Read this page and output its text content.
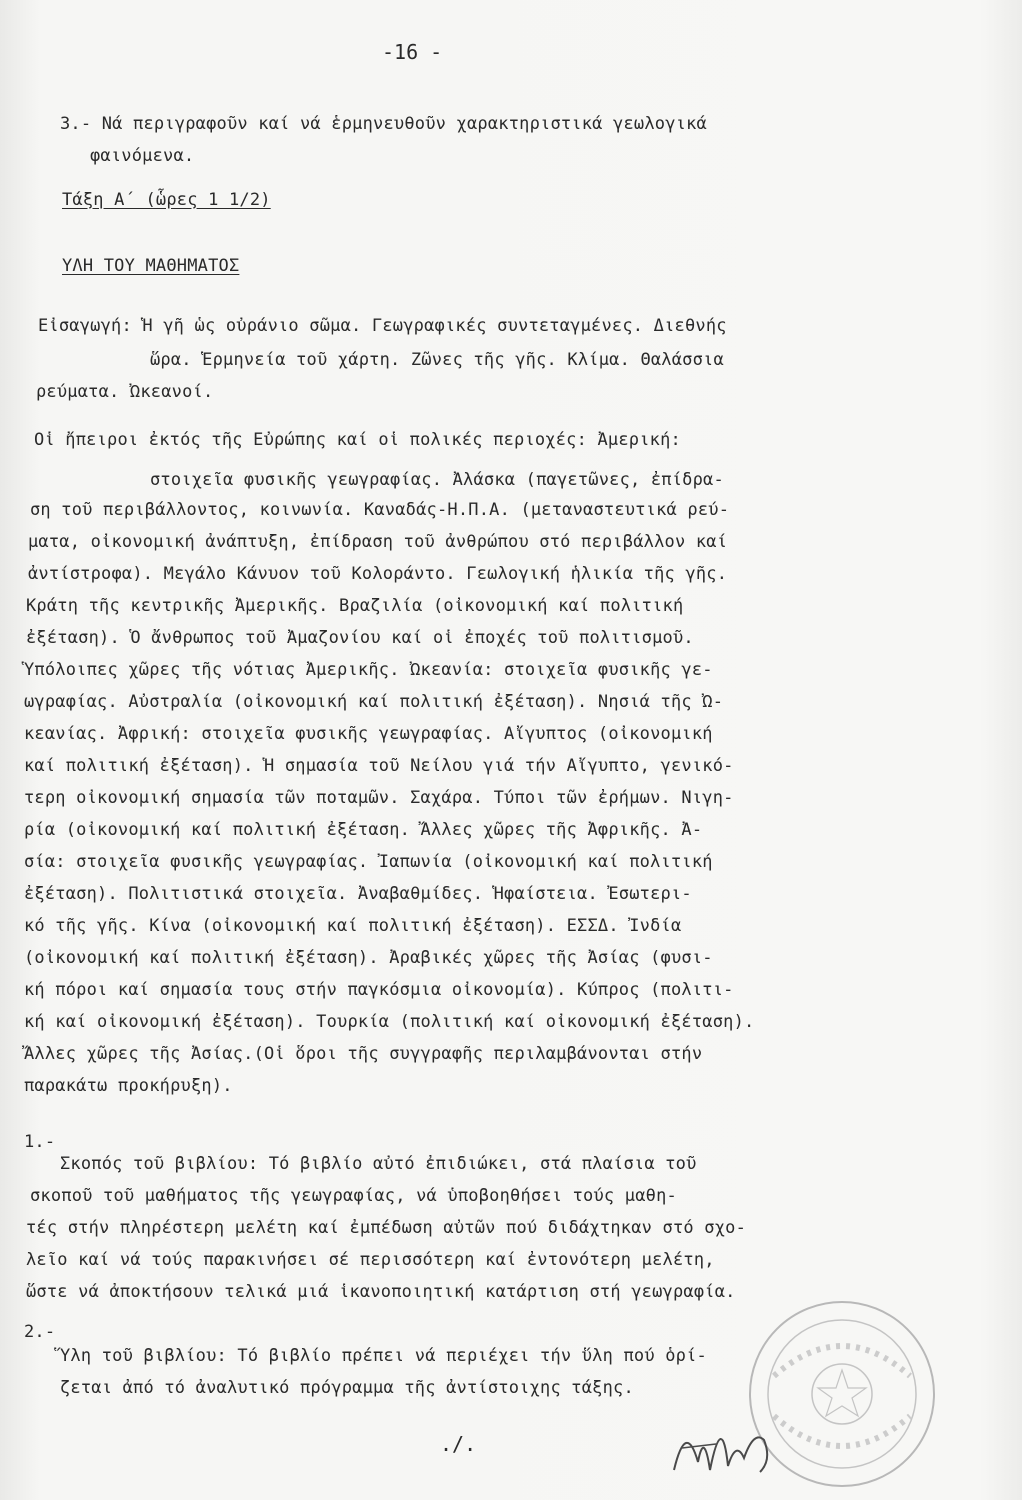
-16 -
3.- Νά περιγραφοῦν καί νά ἑρμηνευθοῦν χαρακτηριστικά γεωλογικά
φαινόμενα.
Τάξη Α΄ (ὧρες 1 1/2)
ΥΛΗ ΤΟΥ ΜΑΘΗΜΑΤΟΣ
Εἰσαγωγή: Ἡ γῆ ὡς οὐράνιο σῶμα. Γεωγραφικές συντεταγμένες. Διεθνής
ὥρα. Ἑρμηνεία τοῦ χάρτη. Ζῶνες τῆς γῆς. Κλίμα. Θαλάσσια
ρεύματα. Ὠκεανοί.
Οἱ ἤπειροι ἐκτός τῆς Εὐρώπης καί οἱ πολικές περιοχές: Ἀμερική:
στοιχεῖα φυσικῆς γεωγραφίας. Ἀλάσκα (παγετῶνες, ἐπίδρα-
ση τοῦ περιβάλλοντος, κοινωνία. Καναδάς-Η.Π.Α. (μεταναστευτικά ρεύ-
ματα, οἰκονομική ἀνάπτυξη, ἐπίδραση τοῦ ἀνθρώπου στό περιβάλλον καί
ἀντίστροφα). Μεγάλο Κάνυον τοῦ Κολοράντο. Γεωλογική ἡλικία τῆς γῆς.
Κράτη τῆς κεντρικῆς Ἀμερικῆς. Βραζιλία (οἰκονομική καί πολιτική
ἐξέταση). Ὁ ἄνθρωπος τοῦ Ἀμαζονίου καί οἱ ἐποχές τοῦ πολιτισμοῦ.
Ὑπόλοιπες χῶρες τῆς νότιας Ἀμερικῆς. Ὠκεανία: στοιχεῖα φυσικῆς γε-
ωγραφίας. Αὐστραλία (οἰκονομική καί πολιτική ἐξέταση). Νησιά τῆς Ὠ-
κεανίας. Ἀφρική: στοιχεῖα φυσικῆς γεωγραφίας. Αἴγυπτος (οἰκονομική
καί πολιτική ἐξέταση). Ἡ σημασία τοῦ Νείλου γιά τήν Αἴγυπτο, γενικό-
τερη οἰκονομική σημασία τῶν ποταμῶν. Σαχάρα. Τύποι τῶν ἐρήμων. Νιγη-
ρία (οἰκονομική καί πολιτική ἐξέταση. Ἄλλες χῶρες τῆς Ἀφρικῆς. Ἀ-
σία: στοιχεῖα φυσικῆς γεωγραφίας. Ἰαπωνία (οἰκονομική καί πολιτική
ἐξέταση). Πολιτιστικά στοιχεῖα. Ἀναβαθμίδες. Ἡφαίστεια. Ἐσωτερι-
κό τῆς γῆς. Κίνα (οἰκονομική καί πολιτική ἐξέταση). ΕΣΣΔ. Ἰνδία
(οἰκονομική καί πολιτική ἐξέταση). Ἀραβικές χῶρες τῆς Ἀσίας (φυσι-
κή πόροι καί σημασία τους στήν παγκόσμια οἰκονομία). Κύπρος (πολιτι-
κή καί οἰκονομική ἐξέταση). Τουρκία (πολιτική καί οἰκονομική ἐξέταση).
Ἄλλες χῶρες τῆς Ἀσίας.(Οἱ ὅροι τῆς συγγραφῆς περιλαμβάνονται στήν
παρακάτω προκήρυξη).
1.-
Σκοπός τοῦ βιβλίου: Τό βιβλίο αὐτό ἐπιδιώκει, στά πλαίσια τοῦ
σκοποῦ τοῦ μαθήματος τῆς γεωγραφίας, νά ὑποβοηθήσει τούς μαθη-
τές στήν πληρέστερη μελέτη καί ἐμπέδωση αὐτῶν πού διδάχτηκαν στό σχο-
λεῖο καί νά τούς παρακινήσει σέ περισσότερη καί ἐντονότερη μελέτη,
ὥστε νά ἀποκτήσουν τελικά μιά ἱκανοποιητική κατάρτιση στή γεωγραφία.
2.-
Ὕλη τοῦ βιβλίου: Τό βιβλίο πρέπει νά περιέχει τήν ὕλη πού ὁρί-
ζεται ἀπό τό ἀναλυτικό πρόγραμμα τῆς ἀντίστοιχης τάξης.
./.
